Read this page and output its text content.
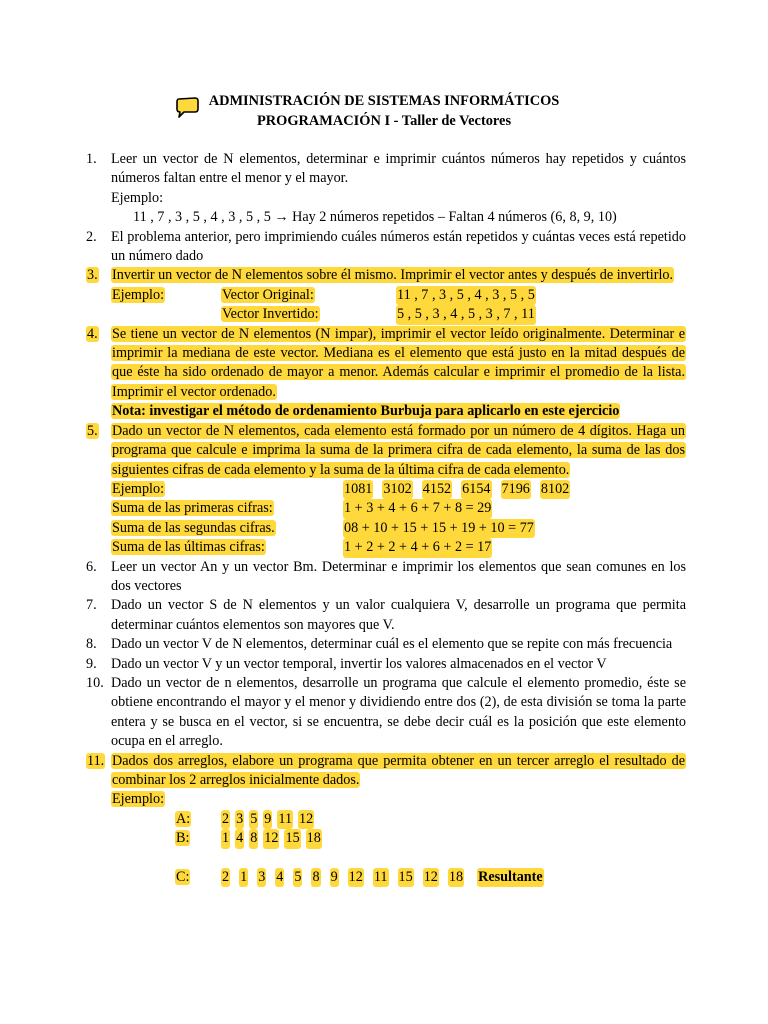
ADMINISTRACIÓN DE SISTEMAS INFORMÁTICOS
PROGRAMACIÓN I - Taller de Vectores
1. Leer un vector de N elementos, determinar e imprimir cuántos números hay repetidos y cuántos números faltan entre el menor y el mayor.
Ejemplo:
11 , 7 , 3 , 5 , 4 , 3 , 5 , 5 → Hay 2 números repetidos – Faltan 4 números (6, 8, 9, 10)
2. El problema anterior, pero imprimiendo cuáles números están repetidos y cuántas veces está repetido un número dado
3. Invertir un vector de N elementos sobre él mismo. Imprimir el vector antes y después de invertirlo.
Ejemplo:	Vector Original:	11 , 7 , 3 , 5 , 4 , 3 , 5 , 5
Vector Invertido:	5 , 5 , 3 , 4 , 5 , 3 , 7 , 11
4. Se tiene un vector de N elementos (N impar), imprimir el vector leído originalmente. Determinar e imprimir la mediana de este vector. Mediana es el elemento que está justo en la mitad después de que éste ha sido ordenado de mayor a menor. Además calcular e imprimir el promedio de la lista. Imprimir el vector ordenado.
Nota: investigar el método de ordenamiento Burbuja para aplicarlo en este ejercicio
5. Dado un vector de N elementos, cada elemento está formado por un número de 4 dígitos. Haga un programa que calcule e imprima la suma de la primera cifra de cada elemento, la suma de las dos siguientes cifras de cada elemento y la suma de la última cifra de cada elemento.
Ejemplo:	1081 3102 4152 6154 7196 8102
Suma de las primeras cifras:	1 + 3 + 4 + 6 + 7 + 8 = 29
Suma de las segundas cifras.	08 + 10 + 15 + 15 + 19 + 10 = 77
Suma de las últimas cifras:	1 + 2 + 2 + 4 + 6 + 2 = 17
6. Leer un vector An y un vector Bm. Determinar e imprimir los elementos que sean comunes en los dos vectores
7. Dado un vector S de N elementos y un valor cualquiera V, desarrolle un programa que permita determinar cuántos elementos son mayores que V.
8. Dado un vector V de N elementos, determinar cuál es el elemento que se repite con más frecuencia
9. Dado un vector V y un vector temporal, invertir los valores almacenados en el vector V
10. Dado un vector de n elementos, desarrolle un programa que calcule el elemento promedio, éste se obtiene encontrando el mayor y el menor y dividiendo entre dos (2), de esta división se toma la parte entera y se busca en el vector, si se encuentra, se debe decir cuál es la posición que este elemento ocupa en el arreglo.
11. Dados dos arreglos, elabore un programa que permita obtener en un tercer arreglo el resultado de combinar los 2 arreglos inicialmente dados.
Ejemplo:
A:	2 3 5 9 11 12
B:	1 4 8 12 15 18
C:	2 1 3 4 5 8 9 12 11 15 12 18 Resultante
